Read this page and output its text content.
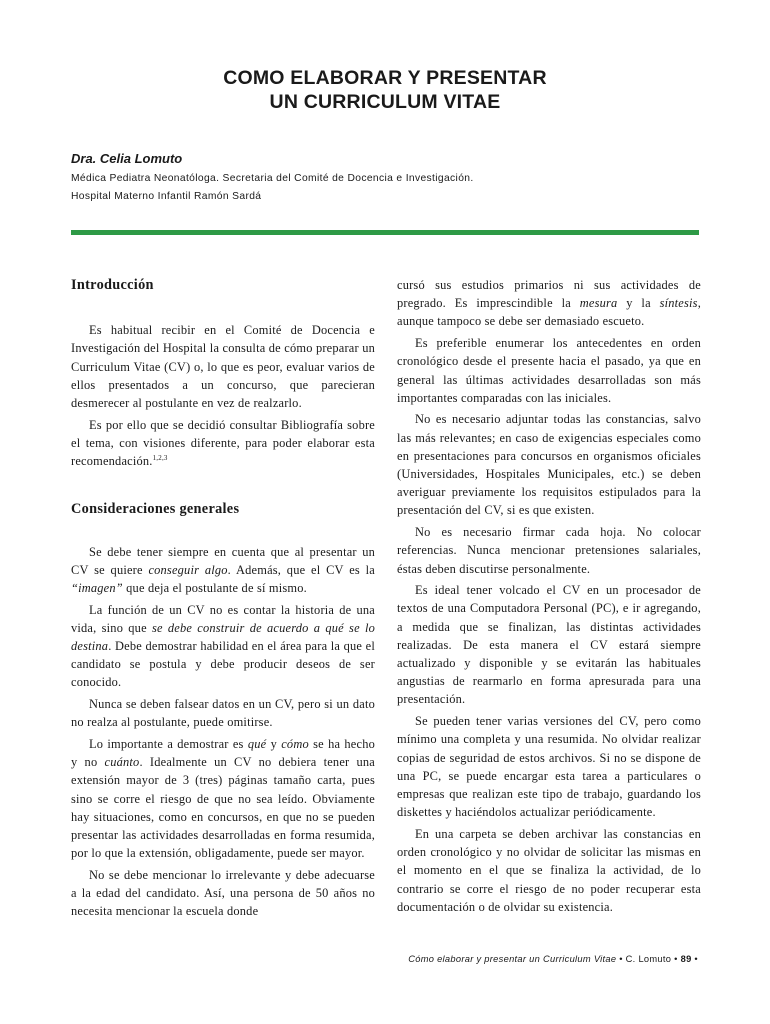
COMO ELABORAR Y PRESENTAR
UN CURRICULUM VITAE
Dra. Celia Lomuto
Médica Pediatra Neonatóloga. Secretaria del Comité de Docencia e Investigación.
Hospital Materno Infantil Ramón Sardá
Introducción

Es habitual recibir en el Comité de Docencia e Investigación del Hospital la consulta de cómo preparar un Curriculum Vitae (CV) o, lo que es peor, evaluar varios de ellos presentados a un concurso, que parecieran desmerecer al postulante en vez de realzarlo.

Es por ello que se decidió consultar Bibliografía sobre el tema, con visiones diferente, para poder elaborar esta recomendación.$^{1,2,3}$

Consideraciones generales

Se debe tener siempre en cuenta que al presentar un CV se quiere conseguir algo. Además, que el CV es la “imagen” que deja el postulante de sí mismo.

La función de un CV no es contar la historia de una vida, sino que se debe construir de acuerdo a qué se lo destina. Debe demostrar habilidad en el área para la que el candidato se postula y debe producir deseos de ser conocido.

Nunca se deben falsear datos en un CV, pero si un dato no realza al postulante, puede omitirse.

Lo importante a demostrar es qué y cómo se ha hecho y no cuánto. Idealmente un CV no debiera tener una extensión mayor de 3 (tres) páginas tamaño carta, pues sino se corre el riesgo de que no sea leído. Obviamente hay situaciones, como en concursos, en que no se pueden presentar las actividades desarrolladas en forma resumida, por lo que la extensión, obligadamente, puede ser mayor.

No se debe mencionar lo irrelevante y debe adecuarse a la edad del candidato. Así, una persona de 50 años no necesita mencionar la escuela donde

cursó sus estudios primarios ni sus actividades de pregrado. Es imprescindible la mesura y la síntesis, aunque tampoco se debe ser demasiado escueto.

Es preferible enumerar los antecedentes en orden cronológico desde el presente hacia el pasado, ya que en general las últimas actividades desarrolladas son más importantes comparadas con las iniciales.

No es necesario adjuntar todas las constancias, salvo las más relevantes; en caso de exigencias especiales como en presentaciones para concursos en organismos oficiales (Universidades, Hospitales Municipales, etc.) se deben averiguar previamente los requisitos estipulados para la presentación del CV, si es que existen.

No es necesario firmar cada hoja. No colocar referencias. Nunca mencionar pretensiones salariales, éstas deben discutirse personalmente.

Es ideal tener volcado el CV en un procesador de textos de una Computadora Personal (PC), e ir agregando, a medida que se finalizan, las distintas actividades realizadas. De esta manera el CV estará siempre actualizado y disponible y se evitarán las habituales angustias de rearmarlo en forma apresurada para una presentación.

Se pueden tener varias versiones del CV, pero como mínimo una completa y una resumida. No olvidar realizar copias de seguridad de estos archivos. Si no se dispone de una PC, se puede encargar esta tarea a particulares o empresas que realizan este tipo de trabajo, guardando los diskettes y haciéndolos actualizar periódicamente.

En una carpeta se deben archivar las constancias en orden cronológico y no olvidar de solicitar las mismas en el momento en el que se finaliza la actividad, de lo contrario se corre el riesgo de no poder recuperar esta documentación o de olvidar su existencia.

Cómo elaborar y presentar un Curriculum Vitae • C. Lomuto • 89 •
